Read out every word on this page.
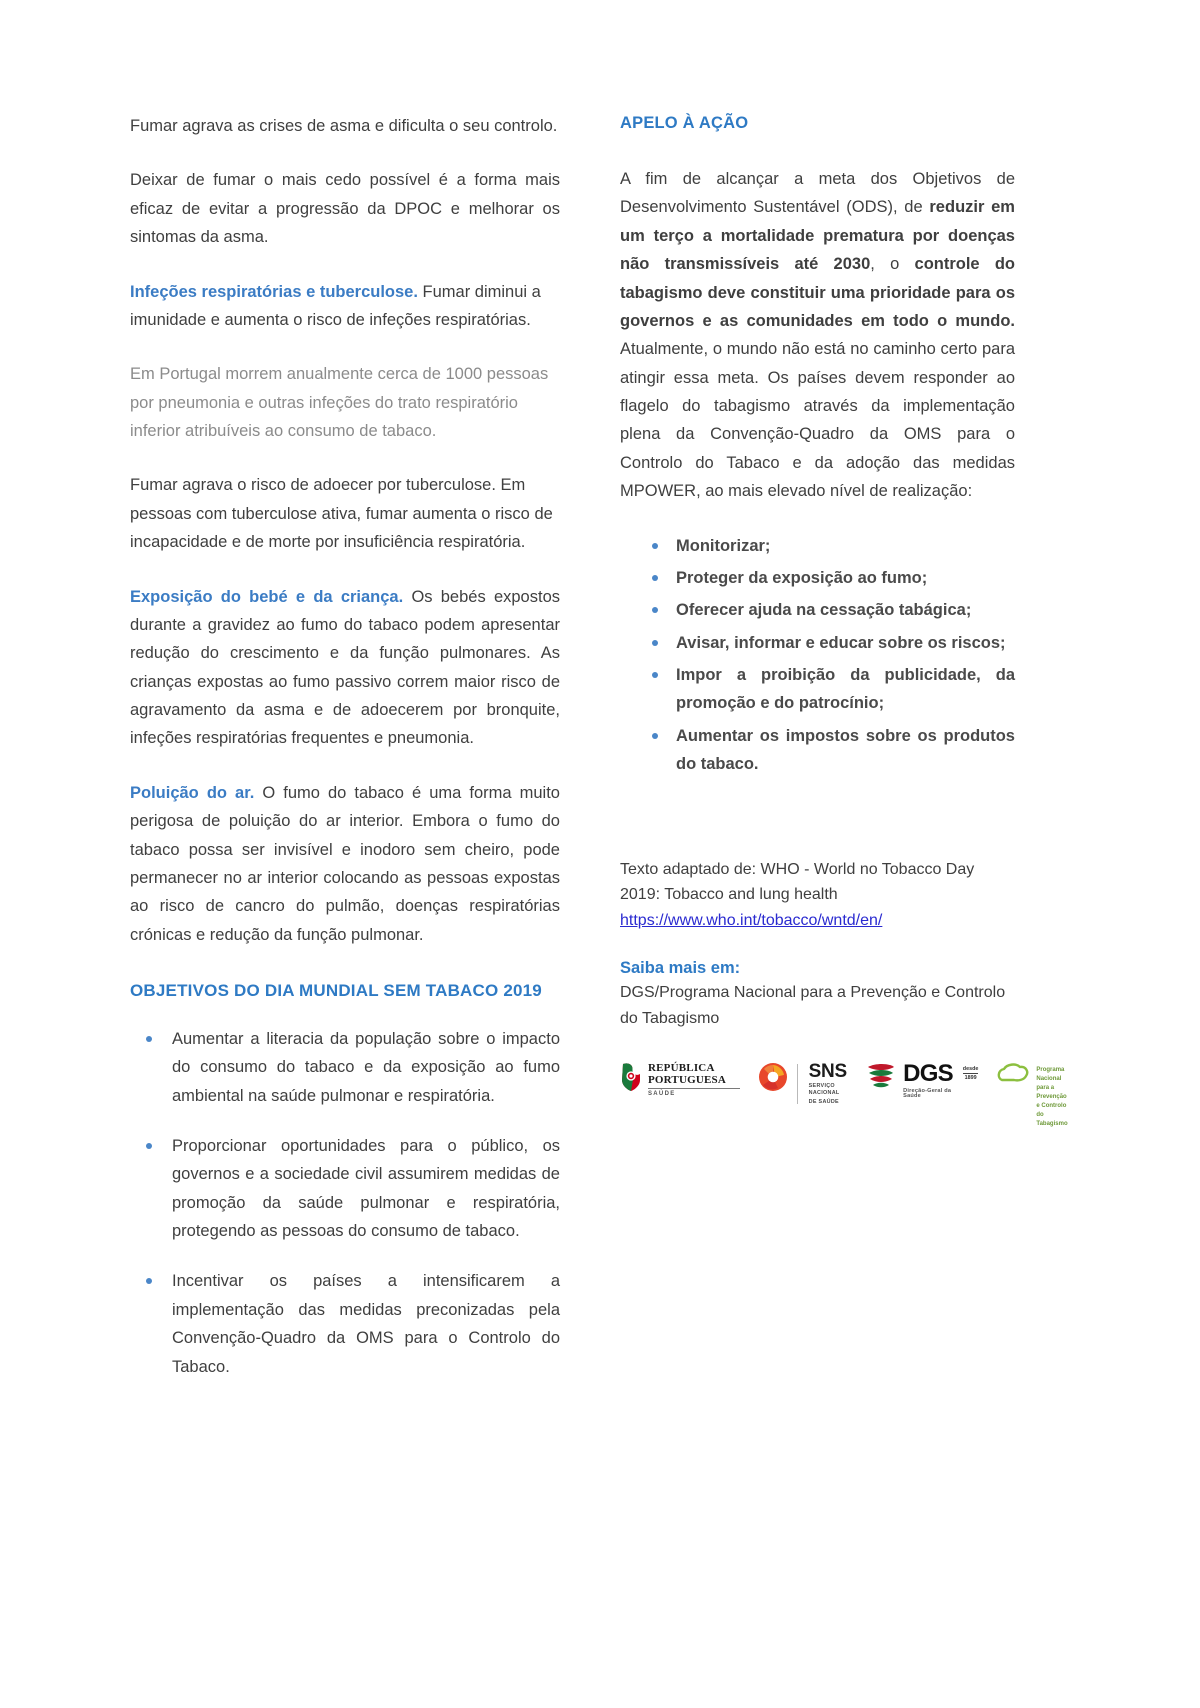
Fumar agrava as crises de asma e dificulta o seu controlo.

Deixar de fumar o mais cedo possível é a forma mais eficaz de evitar a progressão da DPOC e melhorar os sintomas da asma.

Infeções respiratórias e tuberculose. Fumar diminui a imunidade e aumenta o risco de infeções respiratórias.

Em Portugal morrem anualmente cerca de 1000 pessoas por pneumonia e outras infeções do trato respiratório inferior atribuíveis ao consumo de tabaco.

Fumar agrava o risco de adoecer por tuberculose. Em pessoas com tuberculose ativa, fumar aumenta o risco de incapacidade e de morte por insuficiência respiratória.

Exposição do bebé e da criança. Os bebés expostos durante a gravidez ao fumo do tabaco podem apresentar redução do crescimento e da função pulmonares. As crianças expostas ao fumo passivo correm maior risco de agravamento da asma e de adoecerem por bronquite, infeções respiratórias frequentes e pneumonia.

Poluição do ar. O fumo do tabaco é uma forma muito perigosa de poluição do ar interior. Embora o fumo do tabaco possa ser invisível e inodoro sem cheiro, pode permanecer no ar interior colocando as pessoas expostas ao risco de cancro do pulmão, doenças respiratórias crónicas e redução da função pulmonar.

OBJETIVOS DO DIA MUNDIAL SEM TABACO 2019
Aumentar a literacia da população sobre o impacto do consumo do tabaco e da exposição ao fumo ambiental na saúde pulmonar e respiratória.
Proporcionar oportunidades para o público, os governos e a sociedade civil assumirem medidas de promoção da saúde pulmonar e respiratória, protegendo as pessoas do consumo de tabaco.
Incentivar os países a intensificarem a implementação das medidas preconizadas pela Convenção-Quadro da OMS para o Controlo do Tabaco.
APELO À AÇÃO

A fim de alcançar a meta dos Objetivos de Desenvolvimento Sustentável (ODS), de reduzir em um terço a mortalidade prematura por doenças não transmissíveis até 2030, o controle do tabagismo deve constituir uma prioridade para os governos e as comunidades em todo o mundo. Atualmente, o mundo não está no caminho certo para atingir essa meta. Os países devem responder ao flagelo do tabagismo através da implementação plena da Convenção-Quadro da OMS para o Controlo do Tabaco e da adoção das medidas MPOWER, ao mais elevado nível de realização:

Monitorizar;
Proteger da exposição ao fumo;
Oferecer ajuda na cessação tabágica;
Avisar, informar e educar sobre os riscos;
Impor a proibição da publicidade, da promoção e do patrocínio;
Aumentar os impostos sobre os produtos do tabaco.
Texto adaptado de: WHO - World no Tobacco Day
2019: Tobacco and lung health
https://www.who.int/tobacco/wntd/en/
Saiba mais em:
DGS/Programa Nacional para a Prevenção e Controlo
do Tabagismo
REPÚBLICA
PORTUGUESA
SAÚDE
SNS
SERVIÇO NACIONAL
DE SAÚDE
DGS
Direção-Geral da Saúde
desde
1899
Programa Nacional
para a Prevenção
e Controlo do Tabagismo
